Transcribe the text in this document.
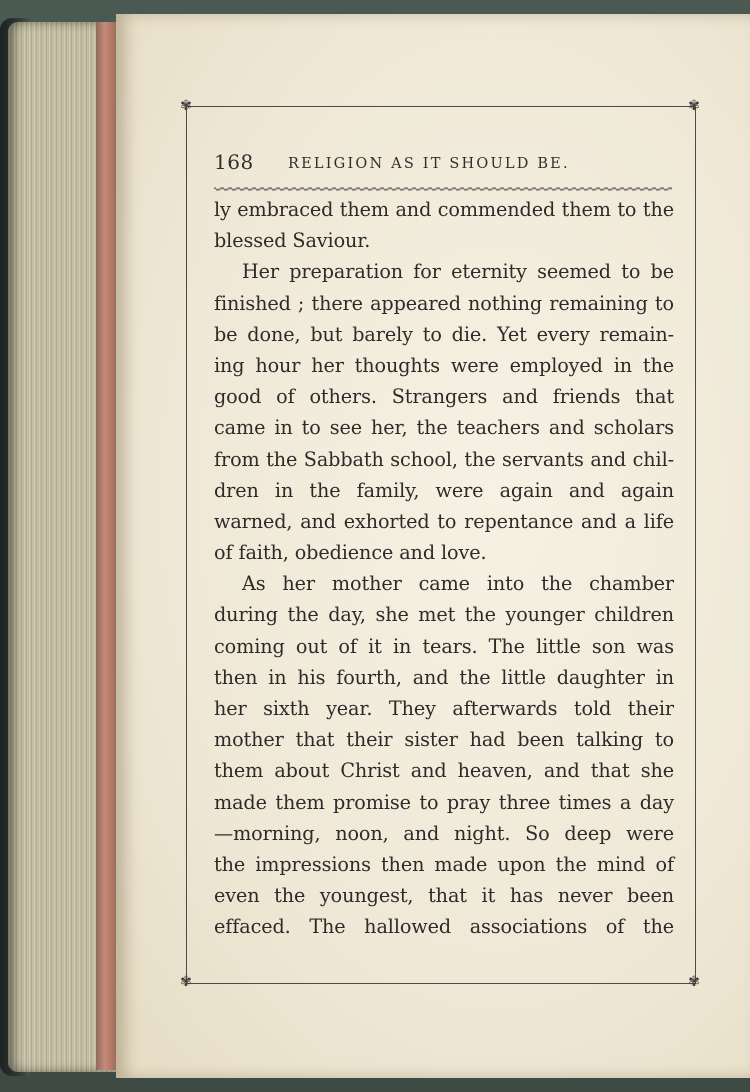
✾	✾
✾	✾
168 RELIGION AS IT SHOULD BE.
ly embraced them and commended them to the
blessed Saviour.
Her preparation for eternity seemed to be
finished ; there appeared nothing remaining to
be done, but barely to die. Yet every remain-
ing hour her thoughts were employed in the
good of others. Strangers and friends that
came in to see her, the teachers and scholars
from the Sabbath school, the servants and chil-
dren in the family, were again and again
warned, and exhorted to repentance and a life
of faith, obedience and love.
As her mother came into the chamber
during the day, she met the younger children
coming out of it in tears. The little son was
then in his fourth, and the little daughter in
her sixth year. They afterwards told their
mother that their sister had been talking to
them about Christ and heaven, and that she
made them promise to pray three times a day
—morning, noon, and night. So deep were
the impressions then made upon the mind of
even the youngest, that it has never been
effaced. The hallowed associations of the
